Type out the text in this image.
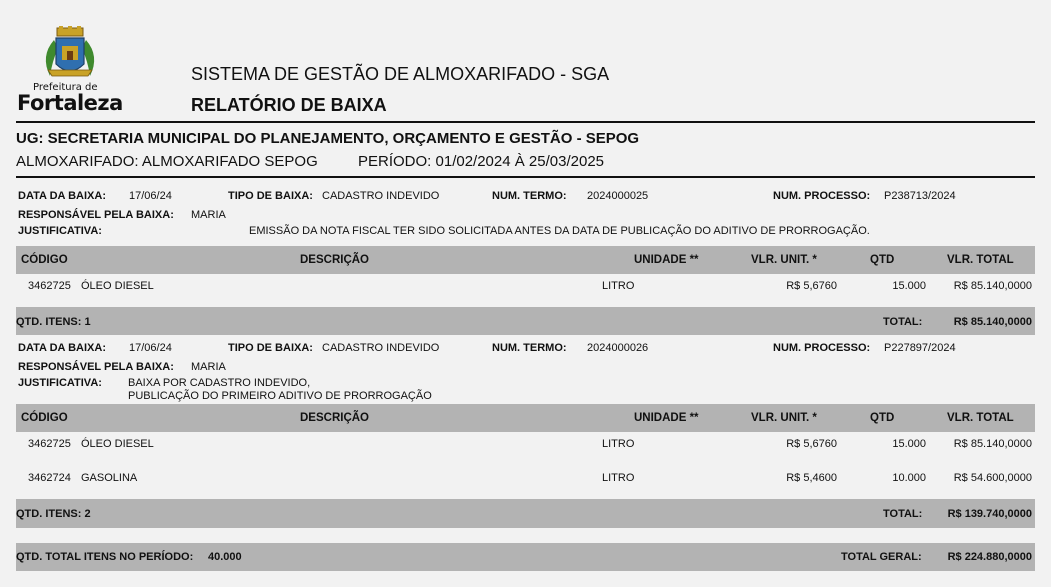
Prefeitura de
Fortaleza
SISTEMA DE GESTÃO DE ALMOXARIFADO - SGA
RELATÓRIO DE BAIXA
UG: SECRETARIA MUNICIPAL DO PLANEJAMENTO, ORÇAMENTO E GESTÃO - SEPOG
ALMOXARIFADO: ALMOXARIFADO SEPOG	PERÍODO: 01/02/2024 À 25/03/2025
DATA DA BAIXA: 17/06/24	TIPO DE BAIXA: CADASTRO INDEVIDO	NUM. TERMO: 2024000025	NUM. PROCESSO: P238713/2024
RESPONSÁVEL PELA BAIXA: MARIA
JUSTIFICATIVA:	EMISSÃO DA NOTA FISCAL TER SIDO SOLICITADA ANTES DA DATA DE PUBLICAÇÃO DO ADITIVO DE PRORROGAÇÃO.
CÓDIGO	DESCRIÇÃO	UNIDADE **	VLR. UNIT. *	QTD	VLR. TOTAL
3462725 ÓLEO DIESEL	LITRO	R$ 5,6760	15.000	R$ 85.140,0000
QTD. ITENS: 1	TOTAL:	R$ 85.140,0000
DATA DA BAIXA: 17/06/24	TIPO DE BAIXA: CADASTRO INDEVIDO	NUM. TERMO: 2024000026	NUM. PROCESSO: P227897/2024
RESPONSÁVEL PELA BAIXA: MARIA
JUSTIFICATIVA: BAIXA POR CADASTRO INDEVIDO,
PUBLICAÇÃO DO PRIMEIRO ADITIVO DE PRORROGAÇÃO
CÓDIGO	DESCRIÇÃO	UNIDADE **	VLR. UNIT. *	QTD	VLR. TOTAL
3462725 ÓLEO DIESEL	LITRO	R$ 5,6760	15.000	R$ 85.140,0000
3462724 GASOLINA	LITRO	R$ 5,4600	10.000	R$ 54.600,0000
QTD. ITENS: 2	TOTAL: R$ 139.740,0000
QTD. TOTAL ITENS NO PERÍODO: 40.000	TOTAL GERAL: R$ 224.880,0000
